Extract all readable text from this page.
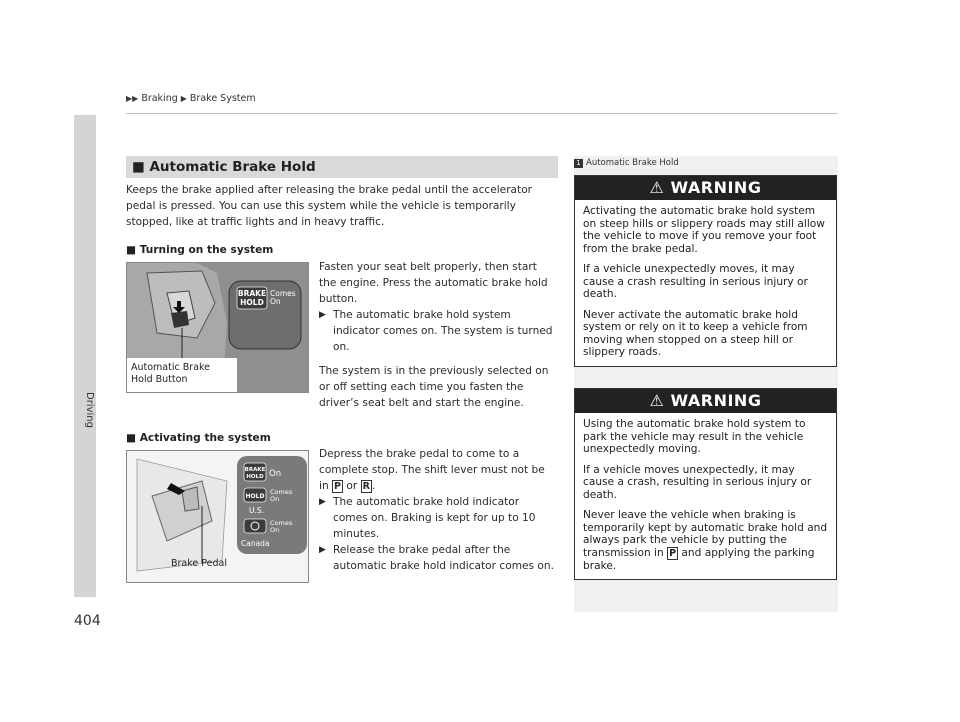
▶▶ Braking ▶ Brake System
Driving
404
■ Automatic Brake Hold
Keeps the brake applied after releasing the brake pedal until the accelerator pedal is pressed. You can use this system while the vehicle is temporarily stopped, like at traffic lights and in heavy traffic.
■ Turning on the system
BRAKE
HOLD
Comes
On
Automatic Brake
Hold Button
Fasten your seat belt properly, then start the engine. Press the automatic brake hold button.
▶ The automatic brake hold system indicator comes on. The system is turned on.
The system is in the previously selected on or off setting each time you fasten the driver’s seat belt and start the engine.
■ Activating the system
BRAKE
HOLD On
HOLD
Comes
On
U.S.
Comes
On
Canada
Brake Pedal
Depress the brake pedal to come to a complete stop. The shift lever must not be in P or R .
▶ The automatic brake hold indicator comes on. Braking is kept for up to 10 minutes.
▶ Release the brake pedal after the automatic brake hold indicator comes on.
1 Automatic Brake Hold
⚠ WARNING

Activating the automatic brake hold system on steep hills or slippery roads may still allow the vehicle to move if you remove your foot from the brake pedal.

If a vehicle unexpectedly moves, it may cause a crash resulting in serious injury or death.

Never activate the automatic brake hold system or rely on it to keep a vehicle from moving when stopped on a steep hill or slippery roads.

⚠ WARNING

Using the automatic brake hold system to park the vehicle may result in the vehicle unexpectedly moving.

If a vehicle moves unexpectedly, it may cause a crash, resulting in serious injury or death.

Never leave the vehicle when braking is temporarily kept by automatic brake hold and always park the vehicle by putting the transmission in P and applying the parking brake.
